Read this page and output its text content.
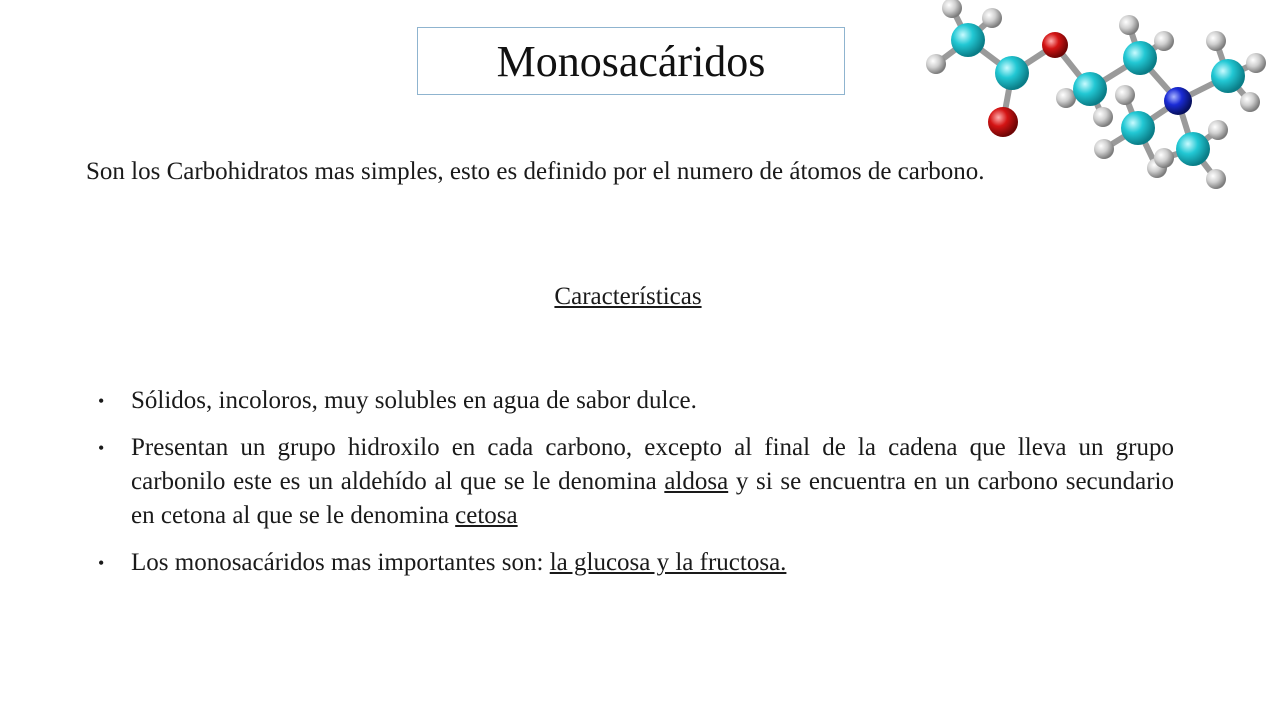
Monosacáridos
Son los Carbohidratos mas simples, esto es definido por el numero de átomos de carbono.
Características
• Sólidos, incoloros, muy solubles en agua de sabor dulce.
• Presentan un grupo hidroxilo en cada carbono, excepto al final de la cadena que lleva un grupo carbonilo este es un aldehído al que se le denomina aldosa y si se encuentra en un carbono secundario en cetona al que se le denomina cetosa
• Los monosacáridos mas importantes son: la glucosa y la fructosa.
